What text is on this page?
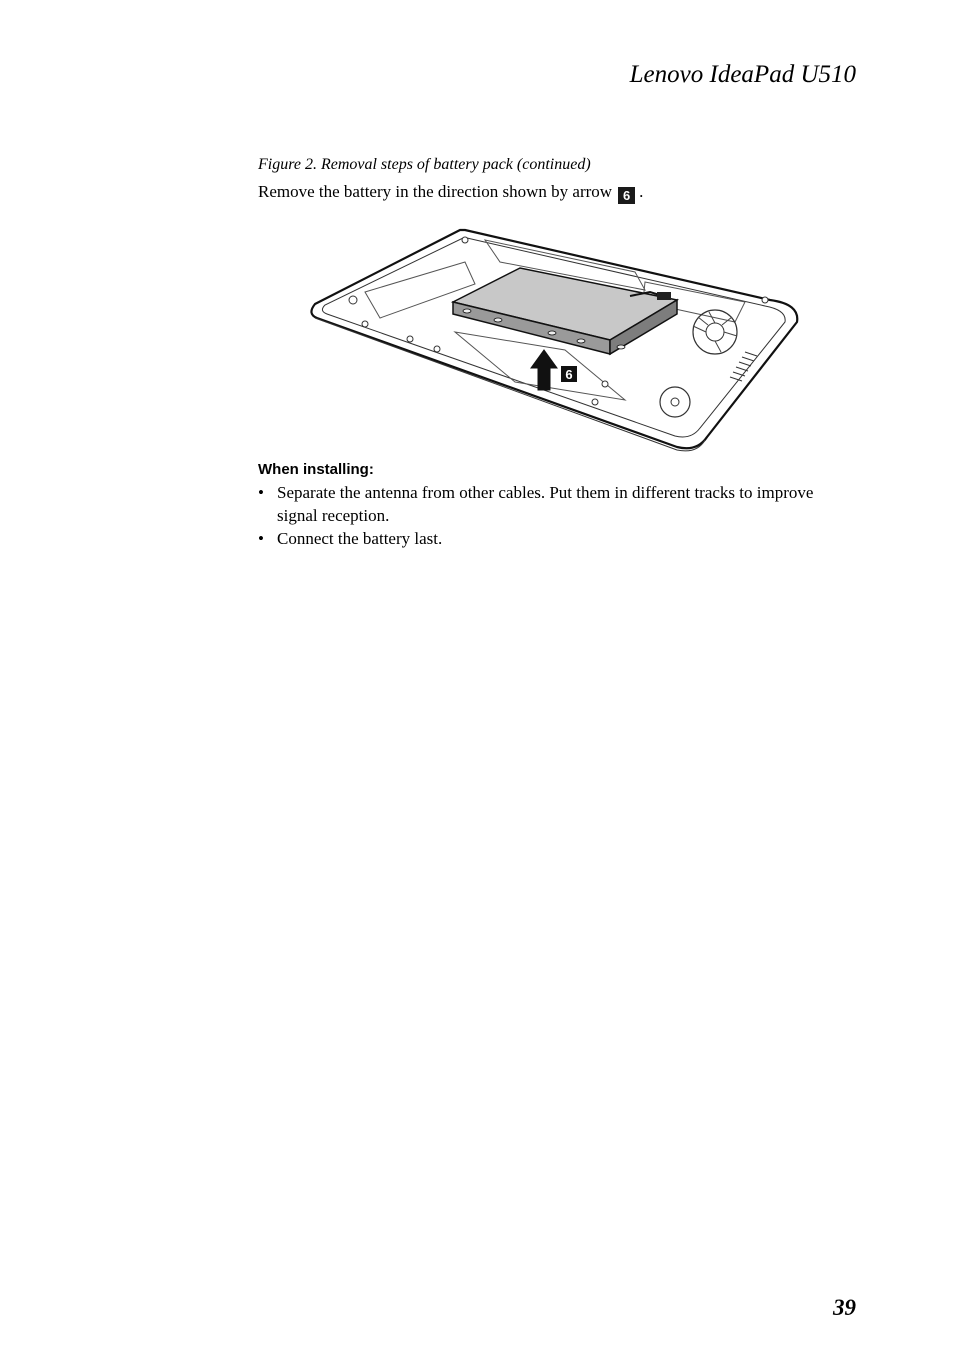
Lenovo IdeaPad U510
Figure 2. Removal steps of battery pack (continued)
Remove the battery in the direction shown by arrow 6 .
6
When installing:
• Separate the antenna from other cables. Put them in different tracks to improve signal reception.
• Connect the battery last.
39
